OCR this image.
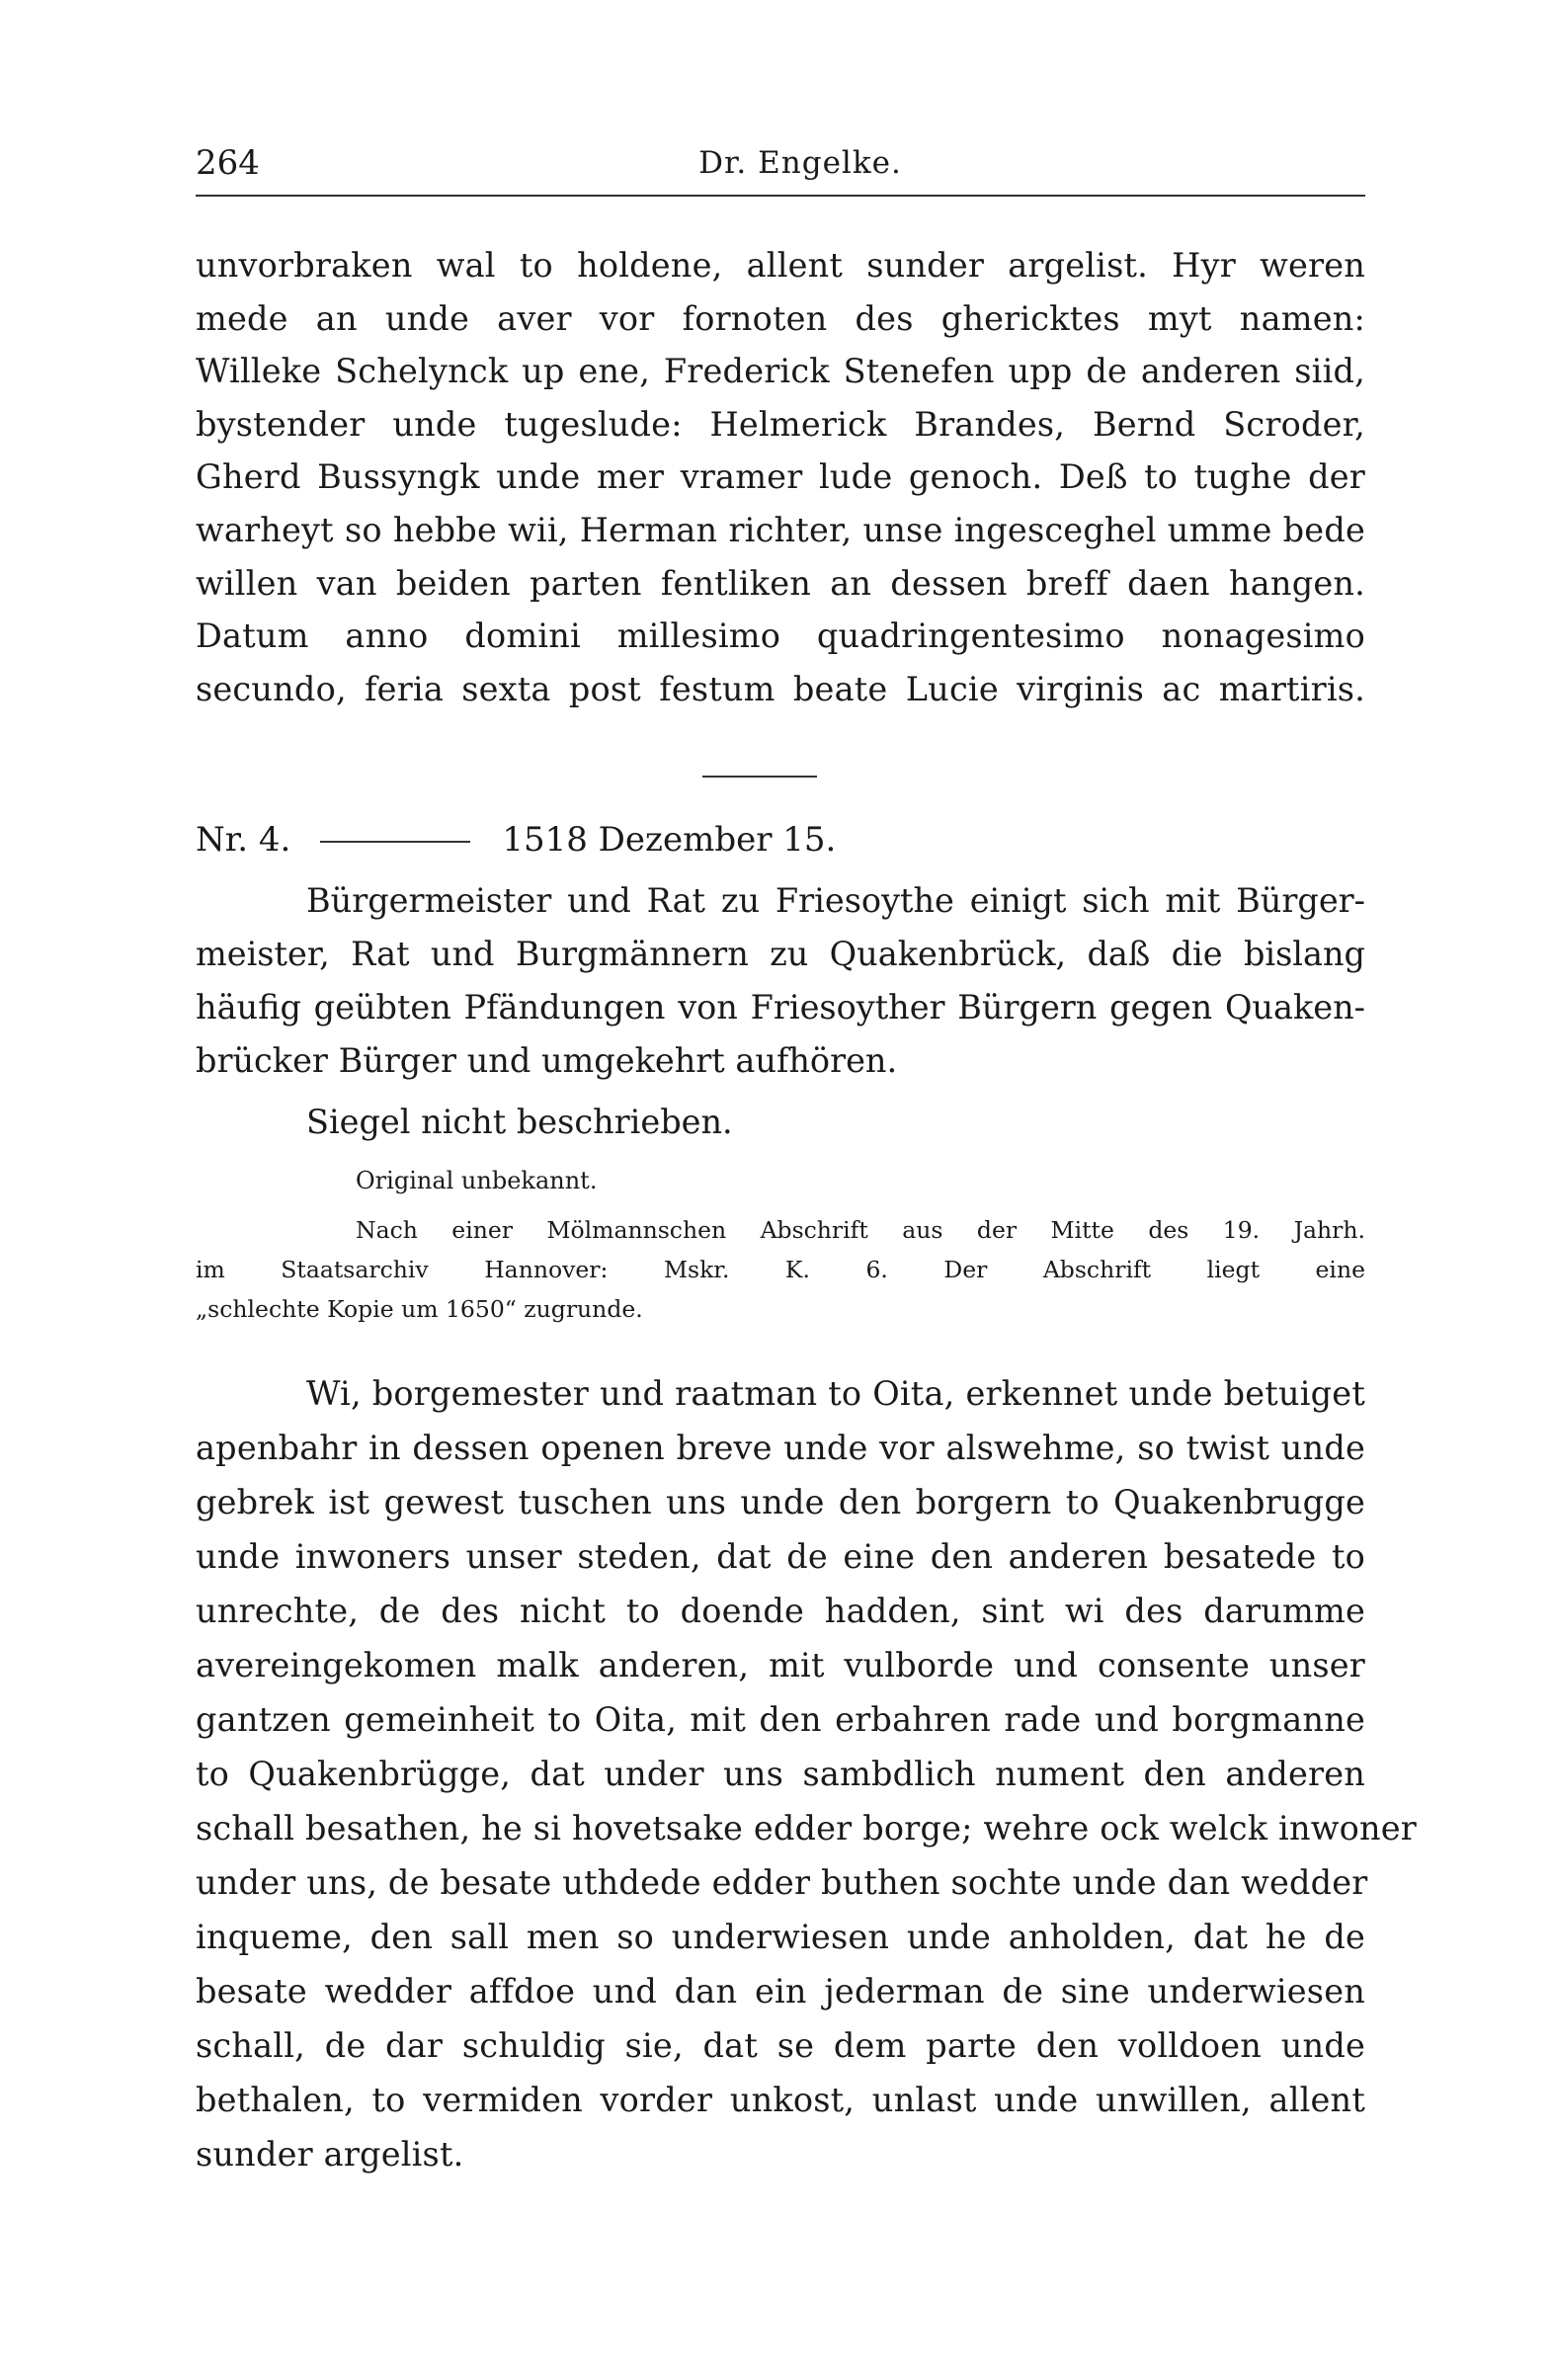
264	Dr. Engelke.
unvorbraken wal to holdene, allent sunder argelist. Hyr weren
mede an unde aver vor fornoten des ghericktes myt namen:
Willeke Schelynck up ene, Frederick Stenefen upp de anderen siid,
bystender unde tugeslude: Helmerick Brandes, Bernd Scroder,
Gherd Bussyngk unde mer vramer lude genoch. Deß to tughe der
warheyt so hebbe wii, Herman richter, unse ingesceghel umme bede
willen van beiden parten fentliken an dessen breff daen hangen.
Datum anno domini millesimo quadringentesimo nonagesimo
secundo, feria sexta post festum beate Lucie virginis ac martiris.
Nr. 4.	1518 Dezember 15.
Bürgermeister und Rat zu Friesoythe einigt sich mit Bürger-
meister, Rat und Burgmännern zu Quakenbrück, daß die bislang
häufig geübten Pfändungen von Friesoyther Bürgern gegen Quaken-
brücker Bürger und umgekehrt aufhören.
Siegel nicht beschrieben.
Original unbekannt.
Nach einer Mölmannschen Abschrift aus der Mitte des 19. Jahrh.
im Staatsarchiv Hannover: Mskr. K. 6. Der Abschrift liegt eine
„schlechte Kopie um 1650“ zugrunde.
Wi, borgemester und raatman to Oita, erkennet unde betuiget
apenbahr in dessen openen breve unde vor alswehme, so twist unde
gebrek ist gewest tuschen uns unde den borgern to Quakenbrugge
unde inwoners unser steden, dat de eine den anderen besatede to
unrechte, de des nicht to doende hadden, sint wi des darumme
avereingekomen malk anderen, mit vulborde und consente unser
gantzen gemeinheit to Oita, mit den erbahren rade und borgmanne
to Quakenbrügge, dat under uns sambdlich nument den anderen
schall besathen, he si hovetsake edder borge; wehre ock welck inwoner
under uns, de besate uthdede edder buthen sochte unde dan wedder
inqueme, den sall men so underwiesen unde anholden, dat he de
besate wedder affdoe und dan ein jederman de sine underwiesen
schall, de dar schuldig sie, dat se dem parte den volldoen unde
bethalen, to vermiden vorder unkost, unlast unde unwillen, allent
sunder argelist.
